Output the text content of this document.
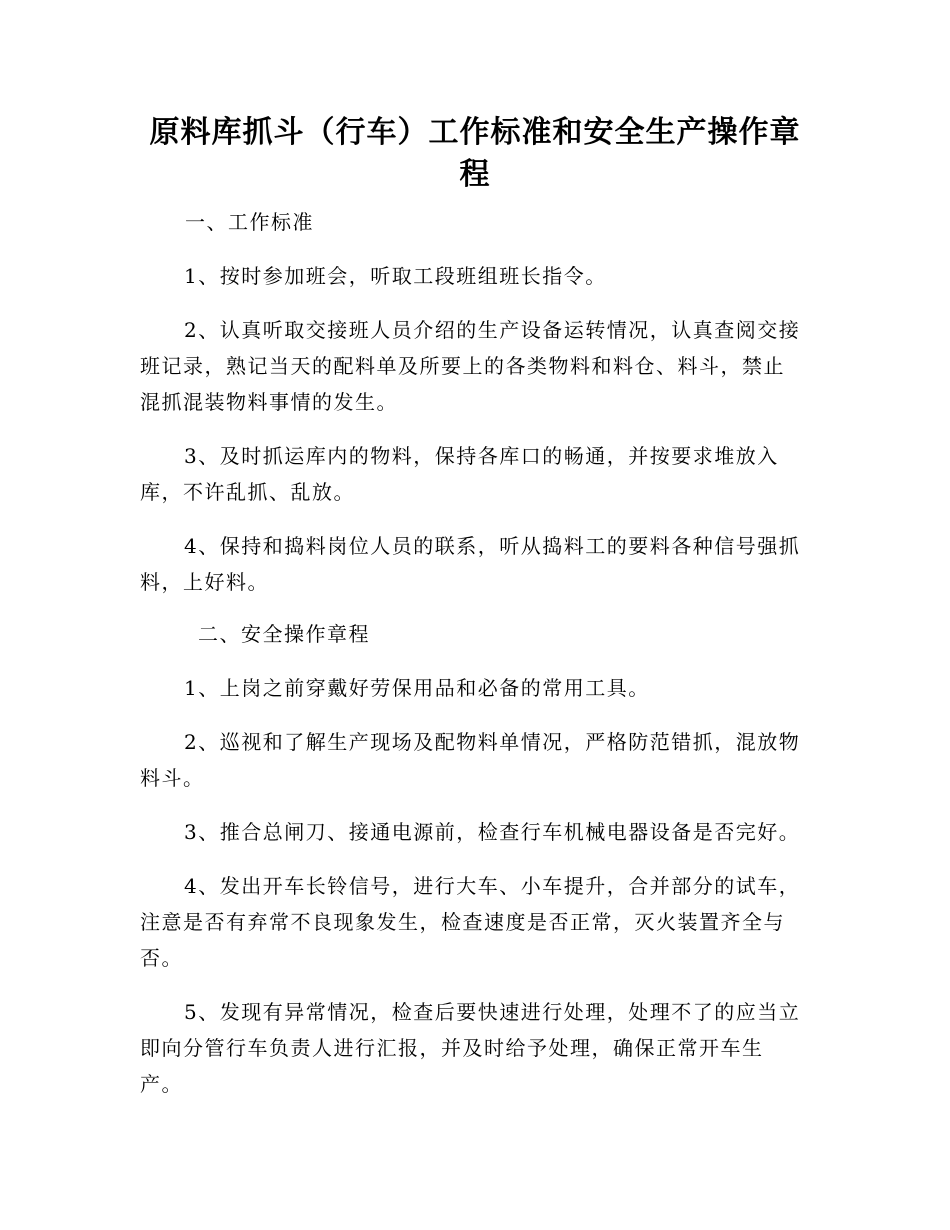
原料库抓斗（行车）工作标准和安全生产操作章程

一、工作标准

1、按时参加班会，听取工段班组班长指令。

2、认真听取交接班人员介绍的生产设备运转情况，认真查阅交接班记录，熟记当天的配料单及所要上的各类物料和料仓、料斗，禁止混抓混装物料事情的发生。

3、及时抓运库内的物料，保持各库口的畅通，并按要求堆放入库，不许乱抓、乱放。

4、保持和捣料岗位人员的联系，听从捣料工的要料各种信号强抓料，上好料。

二、安全操作章程

1、上岗之前穿戴好劳保用品和必备的常用工具。

2、巡视和了解生产现场及配物料单情况，严格防范错抓，混放物料斗。

3、推合总闸刀、接通电源前，检查行车机械电器设备是否完好。

4、发出开车长铃信号，进行大车、小车提升，合并部分的试车，注意是否有弃常不良现象发生，检查速度是否正常，灭火装置齐全与否。

5、发现有异常情况，检查后要快速进行处理，处理不了的应当立即向分管行车负责人进行汇报，并及时给予处理，确保正常开车生产。
